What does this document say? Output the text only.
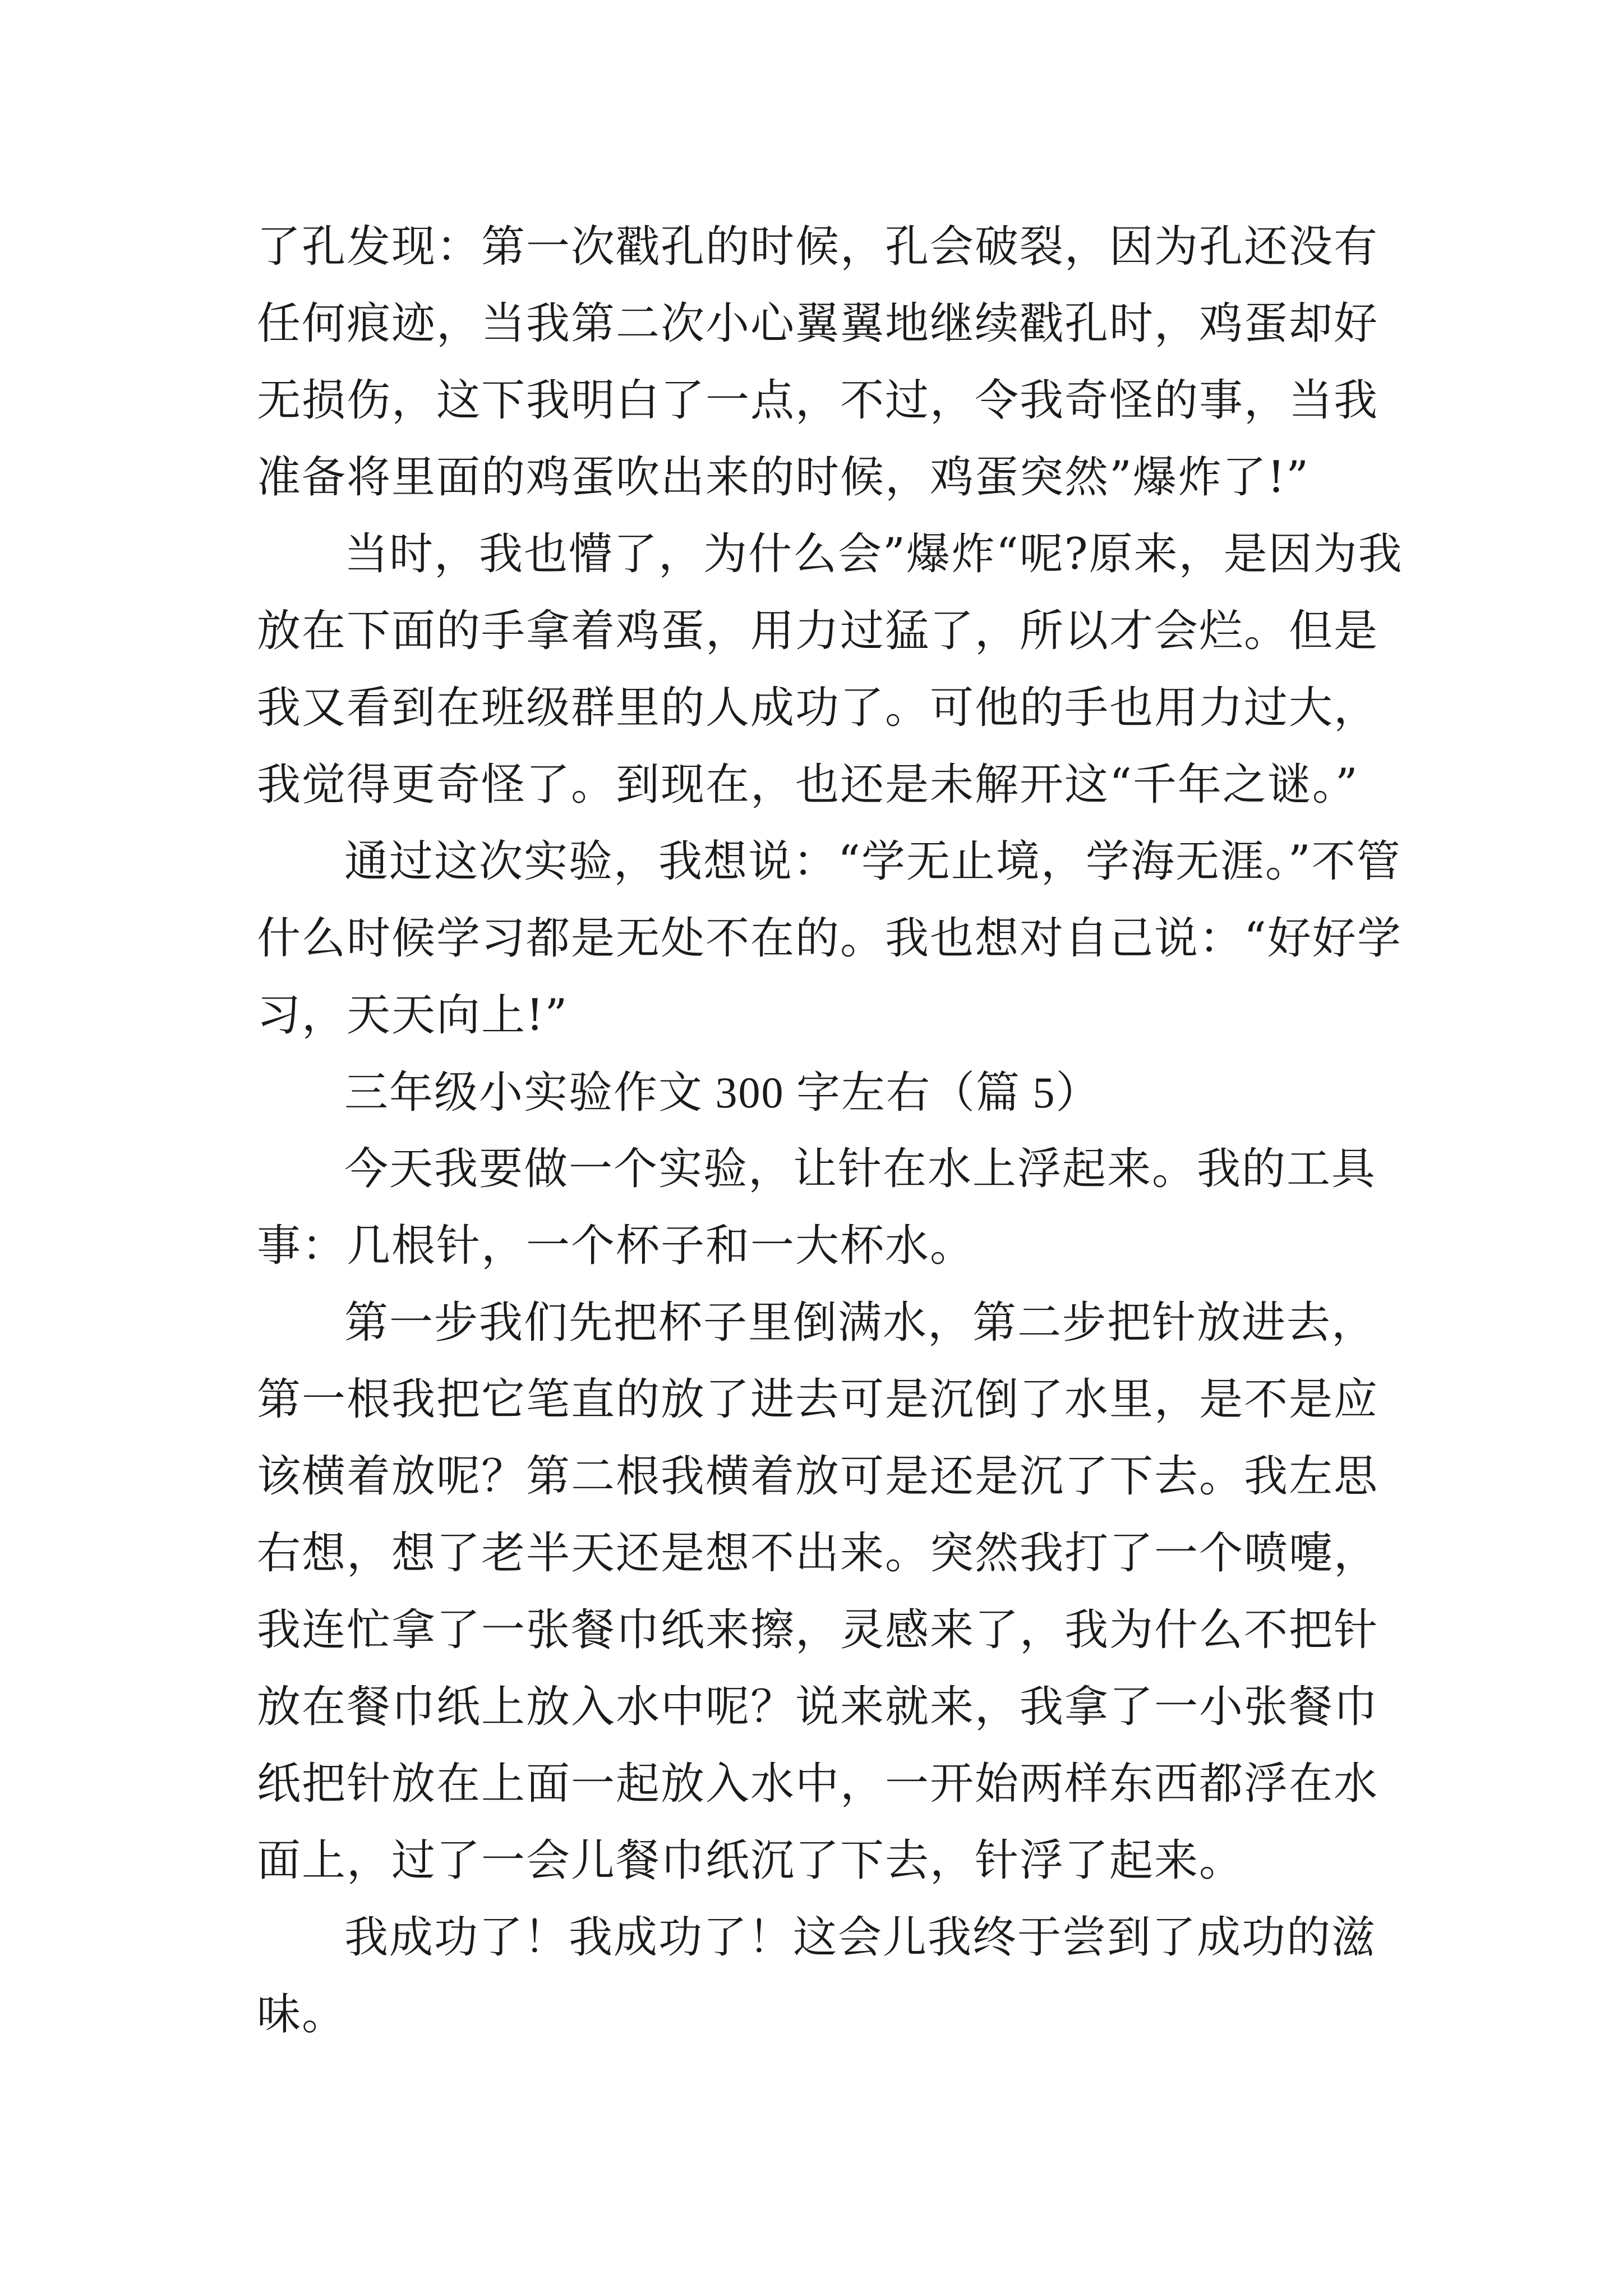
了孔发现：第一次戳孔的时候，孔会破裂，因为孔还没有任何痕迹，当我第二次小心翼翼地继续戳孔时，鸡蛋却好无损伤，这下我明白了一点，不过，令我奇怪的事，当我准备将里面的鸡蛋吹出来的时候，鸡蛋突然”爆炸了!”

当时，我也懵了，为什么会”爆炸“呢?原来，是因为我放在下面的手拿着鸡蛋，用力过猛了，所以才会烂。但是我又看到在班级群里的人成功了。可他的手也用力过大，我觉得更奇怪了。到现在，也还是未解开这“千年之谜。”

通过这次实验，我想说：“学无止境，学海无涯。”不管什么时候学习都是无处不在的。我也想对自己说：“好好学习，天天向上!”

三年级小实验作文 300 字左右（篇 5）

今天我要做一个实验，让针在水上浮起来。我的工具事：几根针，一个杯子和一大杯水。

第一步我们先把杯子里倒满水，第二步把针放进去，第一根我把它笔直的放了进去可是沉倒了水里，是不是应该横着放呢？第二根我横着放可是还是沉了下去。我左思右想，想了老半天还是想不出来。突然我打了一个喷嚏，我连忙拿了一张餐巾纸来擦，灵感来了，我为什么不把针放在餐巾纸上放入水中呢？说来就来，我拿了一小张餐巾纸把针放在上面一起放入水中，一开始两样东西都浮在水面上，过了一会儿餐巾纸沉了下去，针浮了起来。

我成功了！我成功了！这会儿我终于尝到了成功的滋味。
